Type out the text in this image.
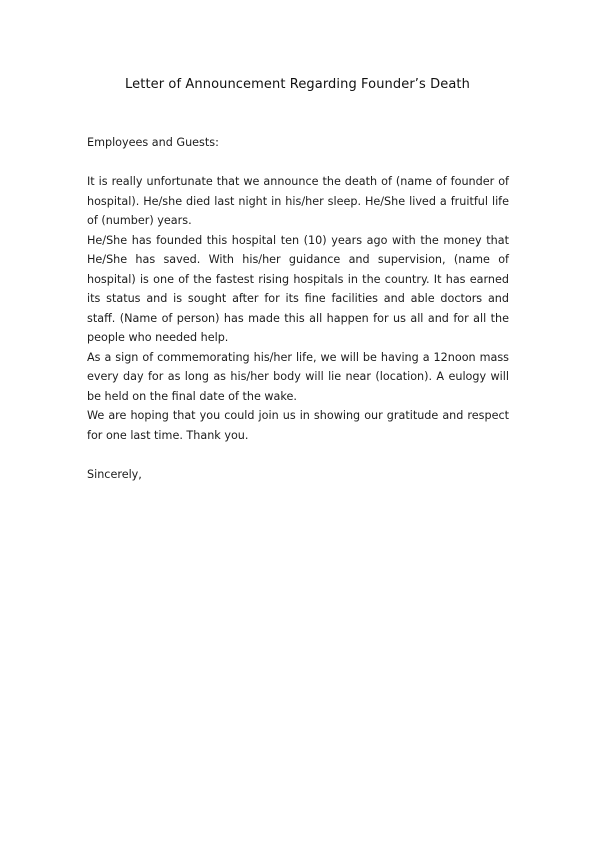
Letter of Announcement Regarding Founder’s Death

Employees and Guests:

It is really unfortunate that we announce the death of (name of founder of hospital). He/she died last night in his/her sleep. He/She lived a fruitful life of (number) years.

He/She has founded this hospital ten (10) years ago with the money that He/She has saved. With his/her guidance and supervision, (name of hospital) is one of the fastest rising hospitals in the country. It has earned its status and is sought after for its fine facilities and able doctors and staff. (Name of person) has made this all happen for us all and for all the people who needed help.

As a sign of commemorating his/her life, we will be having a 12noon mass every day for as long as his/her body will lie near (location). A eulogy will be held on the final date of the wake.

We are hoping that you could join us in showing our gratitude and respect for one last time. Thank you.

Sincerely,
